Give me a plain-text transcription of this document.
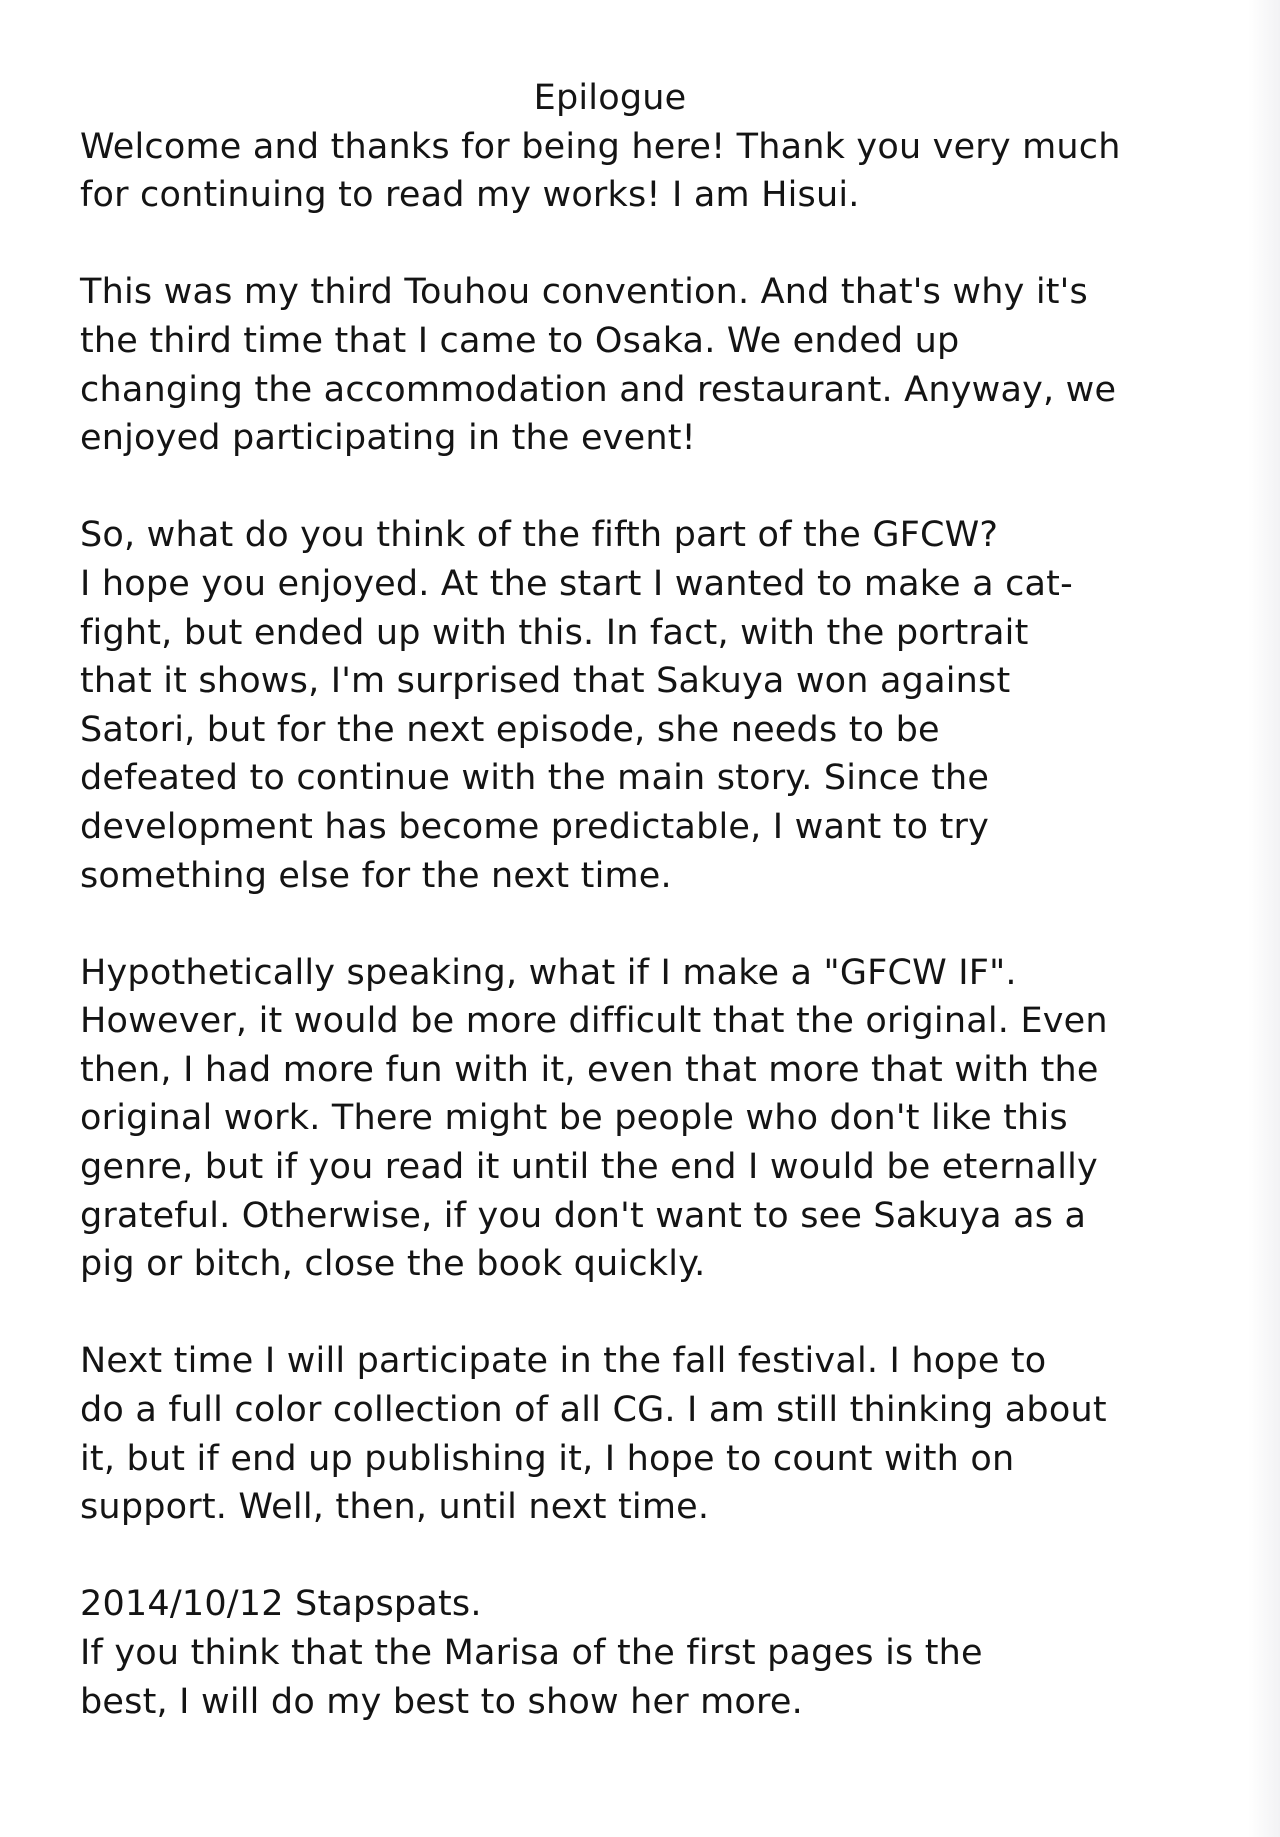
Epilogue
Welcome and thanks for being here! Thank you very much
for continuing to read my works! I am Hisui.
This was my third Touhou convention. And that's why it's
the third time that I came to Osaka. We ended up
changing the accommodation and restaurant. Anyway, we
enjoyed participating in the event!
So, what do you think of the fifth part of the GFCW?
I hope you enjoyed. At the start I wanted to make a cat-
fight, but ended up with this. In fact, with the portrait
that it shows, I'm surprised that Sakuya won against
Satori, but for the next episode, she needs to be
defeated to continue with the main story. Since the
development has become predictable, I want to try
something else for the next time.
Hypothetically speaking, what if I make a "GFCW IF".
However, it would be more difficult that the original. Even
then, I had more fun with it, even that more that with the
original work. There might be people who don't like this
genre, but if you read it until the end I would be eternally
grateful. Otherwise, if you don't want to see Sakuya as a
pig or bitch, close the book quickly.
Next time I will participate in the fall festival. I hope to
do a full color collection of all CG. I am still thinking about
it, but if end up publishing it, I hope to count with on
support. Well, then, until next time.
2014/10/12 Stapspats.
If you think that the Marisa of the first pages is the
best, I will do my best to show her more.
